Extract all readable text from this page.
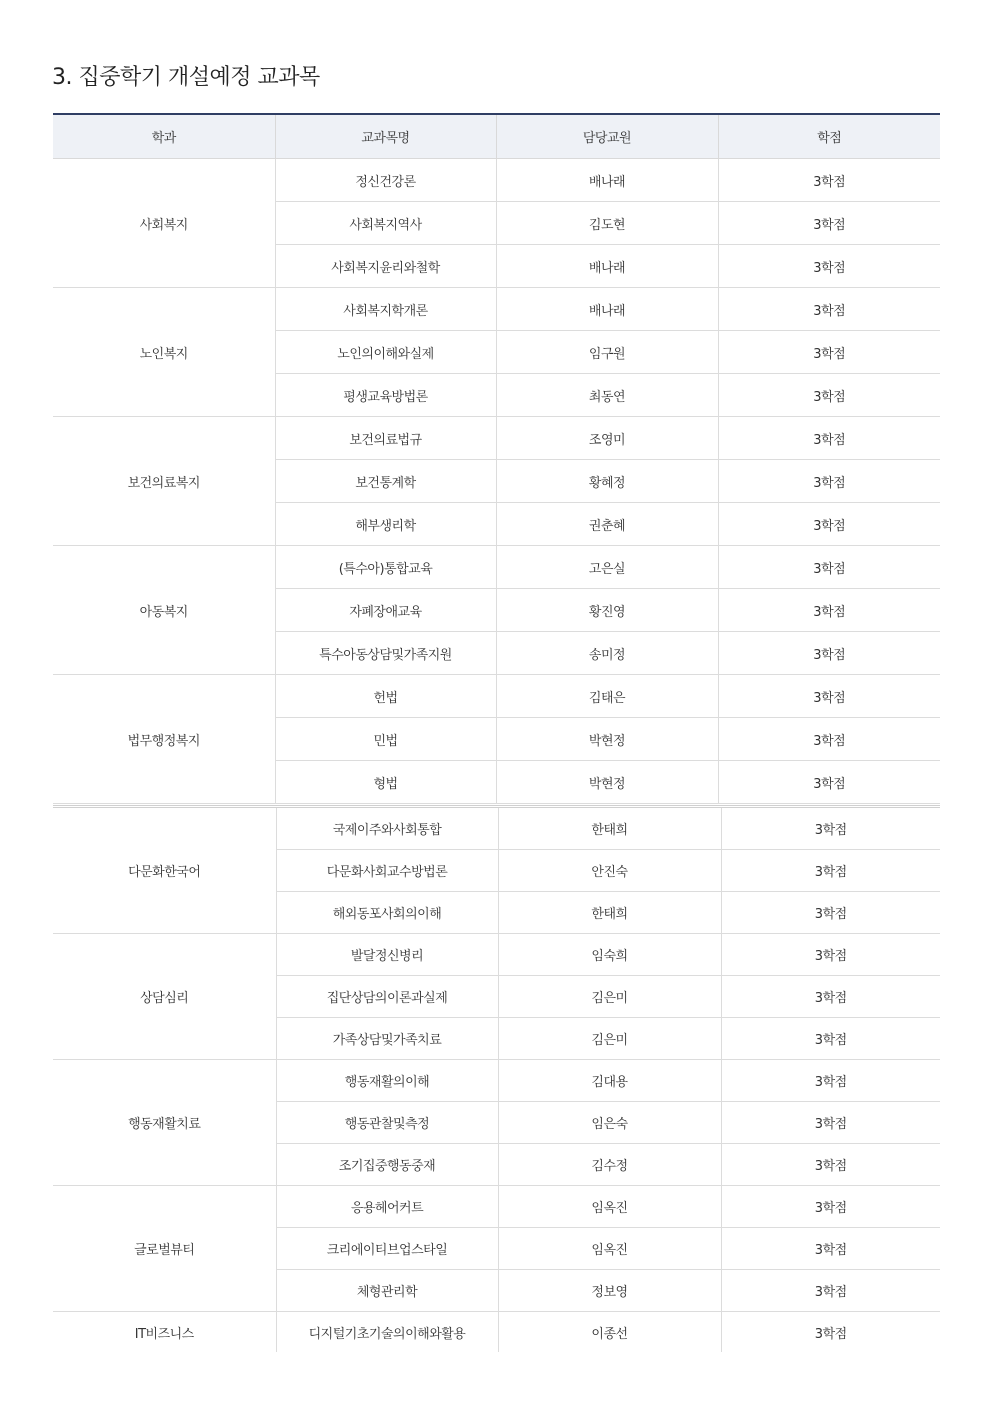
3. 집중학기 개설예정 교과목
학과	교과목명	담당교원	학점
사회복지	정신건강론	배나래	3학점
	사회복지역사	김도현	3학점
	사회복지윤리와철학	배나래	3학점
노인복지	사회복지학개론	배나래	3학점
	노인의이해와실제	임구원	3학점
	평생교육방법론	최동연	3학점
보건의료복지	보건의료법규	조영미	3학점
	보건통계학	황혜정	3학점
	해부생리학	권춘혜	3학점
아동복지	(특수아)통합교육	고은실	3학점
	자폐장애교육	황진영	3학점
	특수아동상담및가족지원	송미정	3학점
법무행정복지	헌법	김태은	3학점
	민법	박현정	3학점
	형법	박현정	3학점
다문화한국어	국제이주와사회통합	한태희	3학점
	다문화사회교수방법론	안진숙	3학점
	해외동포사회의이해	한태희	3학점
상담심리	발달정신병리	임숙희	3학점
	집단상담의이론과실제	김은미	3학점
	가족상담및가족치료	김은미	3학점
행동재활치료	행동재활의이해	김대용	3학점
	행동관찰및측정	임은숙	3학점
	조기집중행동중재	김수정	3학점
글로벌뷰티	응용헤어커트	임옥진	3학점
	크리에이티브업스타일	임옥진	3학점
	체형관리학	정보영	3학점
IT비즈니스	디지털기초기술의이해와활용	이종선	3학점
